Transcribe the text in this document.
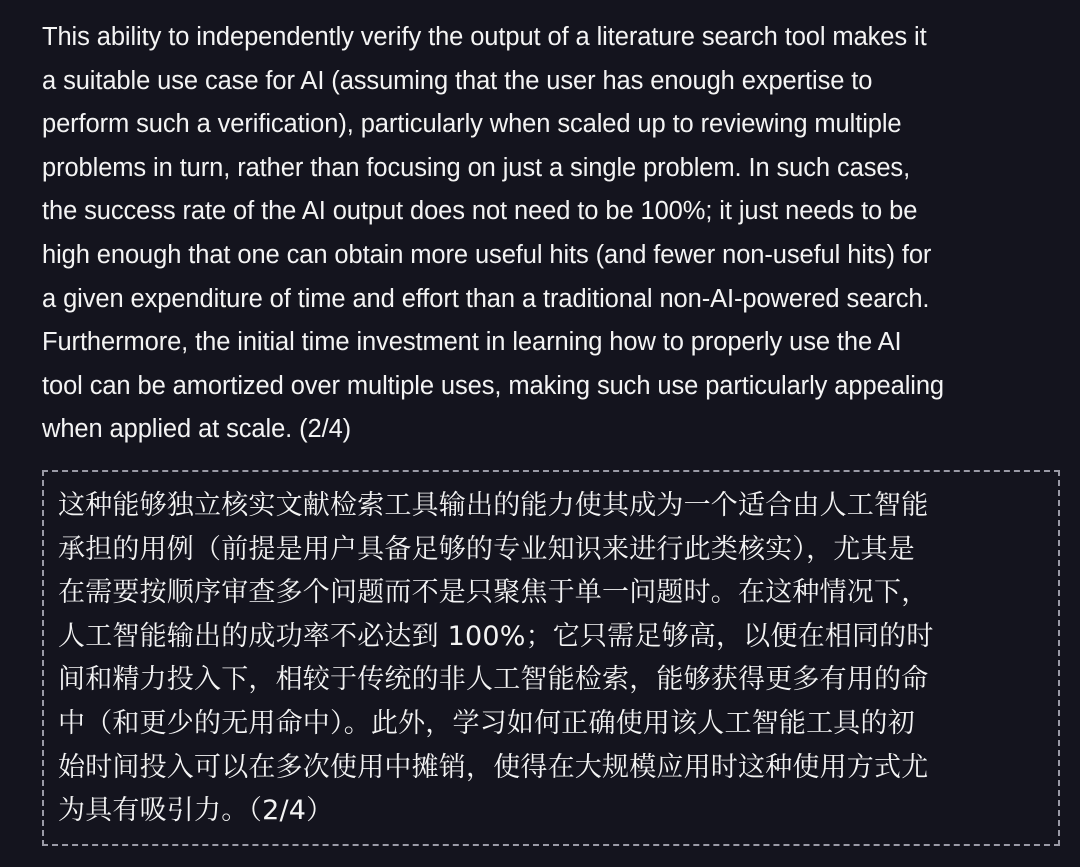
This ability to independently verify the output of a literature search tool makes it
a suitable use case for AI (assuming that the user has enough expertise to
perform such a verification), particularly when scaled up to reviewing multiple
problems in turn, rather than focusing on just a single problem. In such cases,
the success rate of the AI output does not need to be 100%; it just needs to be
high enough that one can obtain more useful hits (and fewer non-useful hits) for
a given expenditure of time and effort than a traditional non-AI-powered search.
Furthermore, the initial time investment in learning how to properly use the AI
tool can be amortized over multiple uses, making such use particularly appealing
when applied at scale. (2/4)

这种能够独立核实文献检索工具输出的能力使其成为一个适合由人工智能
承担的用例（前提是用户具备足够的专业知识来进行此类核实），尤其是
在需要按顺序审查多个问题而不是只聚焦于单一问题时。在这种情况下，
人工智能输出的成功率不必达到 100%；它只需足够高，以便在相同的时
间和精力投入下，相较于传统的非人工智能检索，能够获得更多有用的命
中（和更少的无用命中）。此外，学习如何正确使用该人工智能工具的初
始时间投入可以在多次使用中摊销，使得在大规模应用时这种使用方式尤
为具有吸引力。（2/4）
